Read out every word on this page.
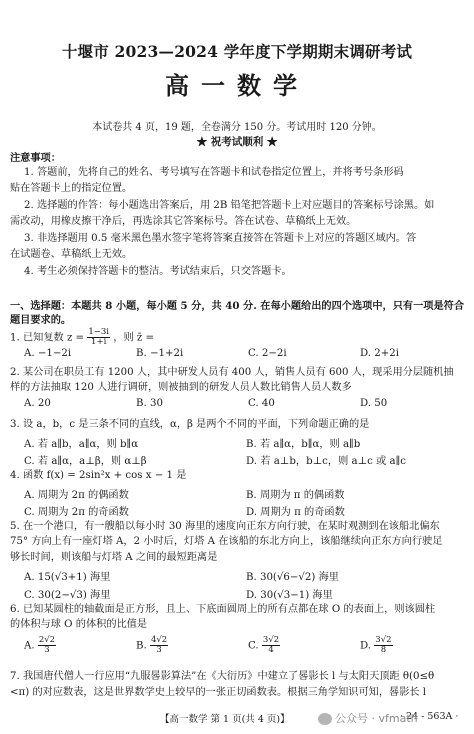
十堰市 2023—2024 学年度下学期期末调研考试
高一数学
本试卷共 4 页，19 题，全卷满分 150 分。考试用时 120 分钟。
★ 祝考试顺利 ★
注意事项：
1. 答题前，先将自己的姓名、考号填写在答题卡和试卷指定位置上，并将考号条形码
贴在答题卡上的指定位置。
2. 选择题的作答：每小题选出答案后，用 2B 铅笔把答题卡上对应题目的答案标号涂黑。如
需改动，用橡皮擦干净后，再选涂其它答案标号。答在试卷、草稿纸上无效。
3. 非选择题用 0.5 毫米黑色墨水签字笔将答案直接答在答题卡上对应的答题区域内。答
在试题卷、草稿纸上无效。
4. 考生必须保持答题卡的整洁。考试结束后，只交答题卡。
一、选择题：本题共 8 小题，每小题 5 分，共 40 分. 在每小题给出的四个选项中，只有一项是符合
题目要求的。
1. 已知复数 $z = \frac{1-3i}{1+i}$ ，则 z̄ =
A. −1−2i	B. −1+2i	C. 2−2i	D. 2+2i
2. 某公司在职员工有 1200 人，其中研发人员有 400 人，销售人员有 600 人，现采用分层随机抽
样的方法抽取 120 人进行调研，则被抽到的研发人员人数比销售人员人数多
A. 20	B. 30	C. 40	D. 50
3. 设 a，b，c 是三条不同的直线，α，β 是两个不同的平面，下列命题正确的是
A. 若 a∥b，a∥α，则 b∥α	B. 若 a∥α，b∥α，则 a∥b
C. 若 a∥α，a⊥β，则 α⊥β	D. 若 a⊥b，b⊥c，则 a⊥c 或 a∥c
4. 函数 f(x) = 2sin²x + cos x − 1 是
A. 周期为 2π 的偶函数	B. 周期为 π 的偶函数
C. 周期为 2π 的奇函数	D. 周期为 π 的奇函数
5. 在一个港口，有一艘船以每小时 30 海里的速度向正东方向行驶，在某时观测到在该船北偏东
75° 方向上有一座灯塔 A，2 小时后，灯塔 A 在该船的东北方向上，该船继续向正东方向行驶足
够长时间，则该船与灯塔 A 之间的最短距离是
A. 15(√3+1) 海里	B. 30(√6−√2) 海里
C. 30(2−√3) 海里	D. 30(√3−1) 海里
6. 已知某圆柱的轴截面是正方形，且上、下底面圆周上的所有点都在球 O 的表面上，则该圆柱
的体积与球 O 的体积的比值是
A. $\frac{2√2}{3}$	B. $\frac{4√2}{3}$	C. $\frac{3√2}{4}$	D. $\frac{3√2}{8}$
7. 我国唐代僧人一行应用“九服晷影算法”在《大衍历》中建立了晷影长 l 与太阳天顶距 θ(0≤θ
<π) 的对应数表，这是世界数学史上较早的一张正切函数表。根据三角学知识可知，晷影长 l
【高一数学 第 1 页(共 4 页)】	· 24 - 563A ·
公众号 · vfmath
